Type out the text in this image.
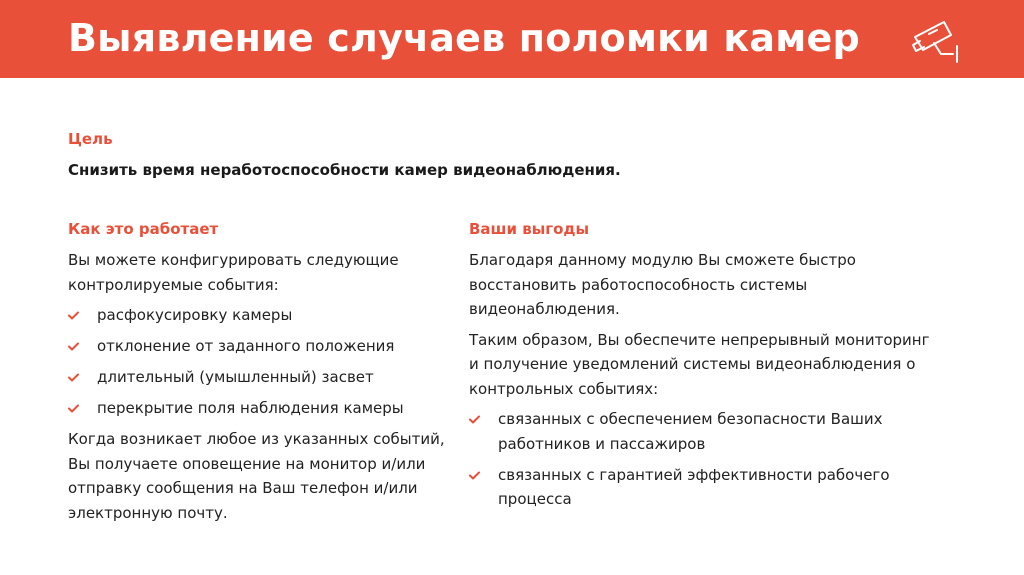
Выявление случаев поломки камер
Цель
Снизить время неработоспособности камер видеонаблюдения.
Как это работает

Вы можете конфигурировать следующие контролируемые события:

расфокусировку камеры
отклонение от заданного положения
длительный (умышленный) засвет
перекрытие поля наблюдения камеры

Когда возникает любое из указанных событий, Вы получаете оповещение на монитор и/или отправку сообщения на Ваш телефон и/или электронную почту.

Ваши выгоды

Благодаря данному модулю Вы сможете быстро восстановить работоспособность системы видеонаблюдения.

Таким образом, Вы обеспечите непрерывный мониторинг и получение уведомлений системы видеонаблюдения о контрольных событиях:

связанных с обеспечением безопасности Ваших работников и пассажиров
связанных с гарантией эффективности рабочего процесса
